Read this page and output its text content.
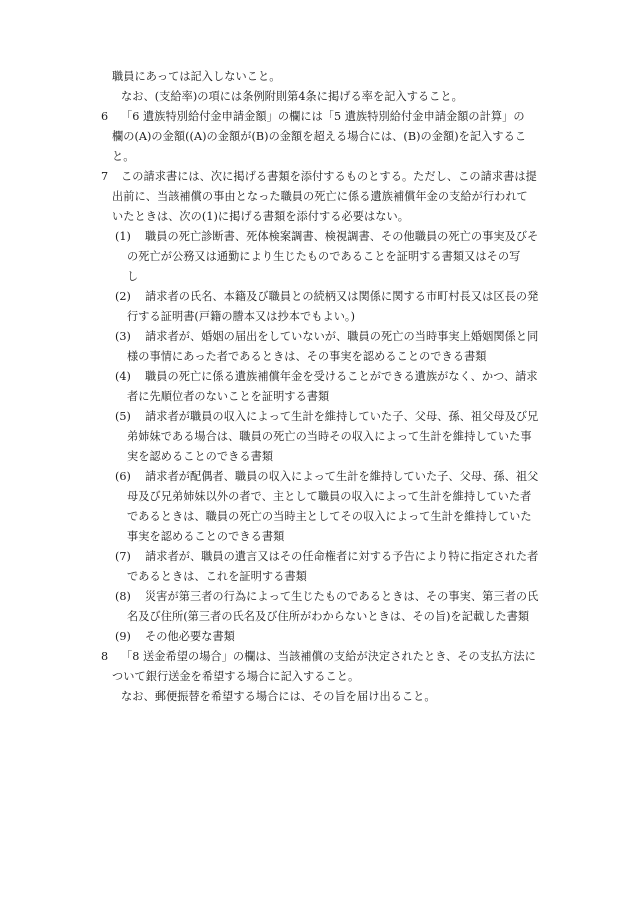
職員にあっては記入しないこと。
なお、(支給率)の項には条例附則第4条に掲げる率を記入すること。
6 「6 遺族特別給付金申請金額」の欄には「5 遺族特別給付金申請金額の計算」の
欄の(A)の金額((A)の金額が(B)の金額を超える場合には、(B)の金額)を記入するこ
と。
7 この請求書には、次に掲げる書類を添付するものとする。ただし、この請求書は提
出前に、当該補償の事由となった職員の死亡に係る遺族補償年金の支給が行われて
いたときは、次の(1)に掲げる書類を添付する必要はない。
(1) 職員の死亡診断書、死体検案調書、検視調書、その他職員の死亡の事実及びそ
の死亡が公務又は通勤により生じたものであることを証明する書類又はその写
し
(2) 請求者の氏名、本籍及び職員との続柄又は関係に関する市町村長又は区長の発
行する証明書(戸籍の謄本又は抄本でもよい。)
(3) 請求者が、婚姻の届出をしていないが、職員の死亡の当時事実上婚姻関係と同
様の事情にあった者であるときは、その事実を認めることのできる書類
(4) 職員の死亡に係る遺族補償年金を受けることができる遺族がなく、かつ、請求
者に先順位者のないことを証明する書類
(5) 請求者が職員の収入によって生計を維持していた子、父母、孫、祖父母及び兄
弟姉妹である場合は、職員の死亡の当時その収入によって生計を維持していた事
実を認めることのできる書類
(6) 請求者が配偶者、職員の収入によって生計を維持していた子、父母、孫、祖父
母及び兄弟姉妹以外の者で、主として職員の収入によって生計を維持していた者
であるときは、職員の死亡の当時主としてその収入によって生計を維持していた
事実を認めることのできる書類
(7) 請求者が、職員の遺言又はその任命権者に対する予告により特に指定された者
であるときは、これを証明する書類
(8) 災害が第三者の行為によって生じたものであるときは、その事実、第三者の氏
名及び住所(第三者の氏名及び住所がわからないときは、その旨)を記載した書類
(9) その他必要な書類
8 「8 送金希望の場合」の欄は、当該補償の支給が決定されたとき、その支払方法に
ついて銀行送金を希望する場合に記入すること。
なお、郵便振替を希望する場合には、その旨を届け出ること。
